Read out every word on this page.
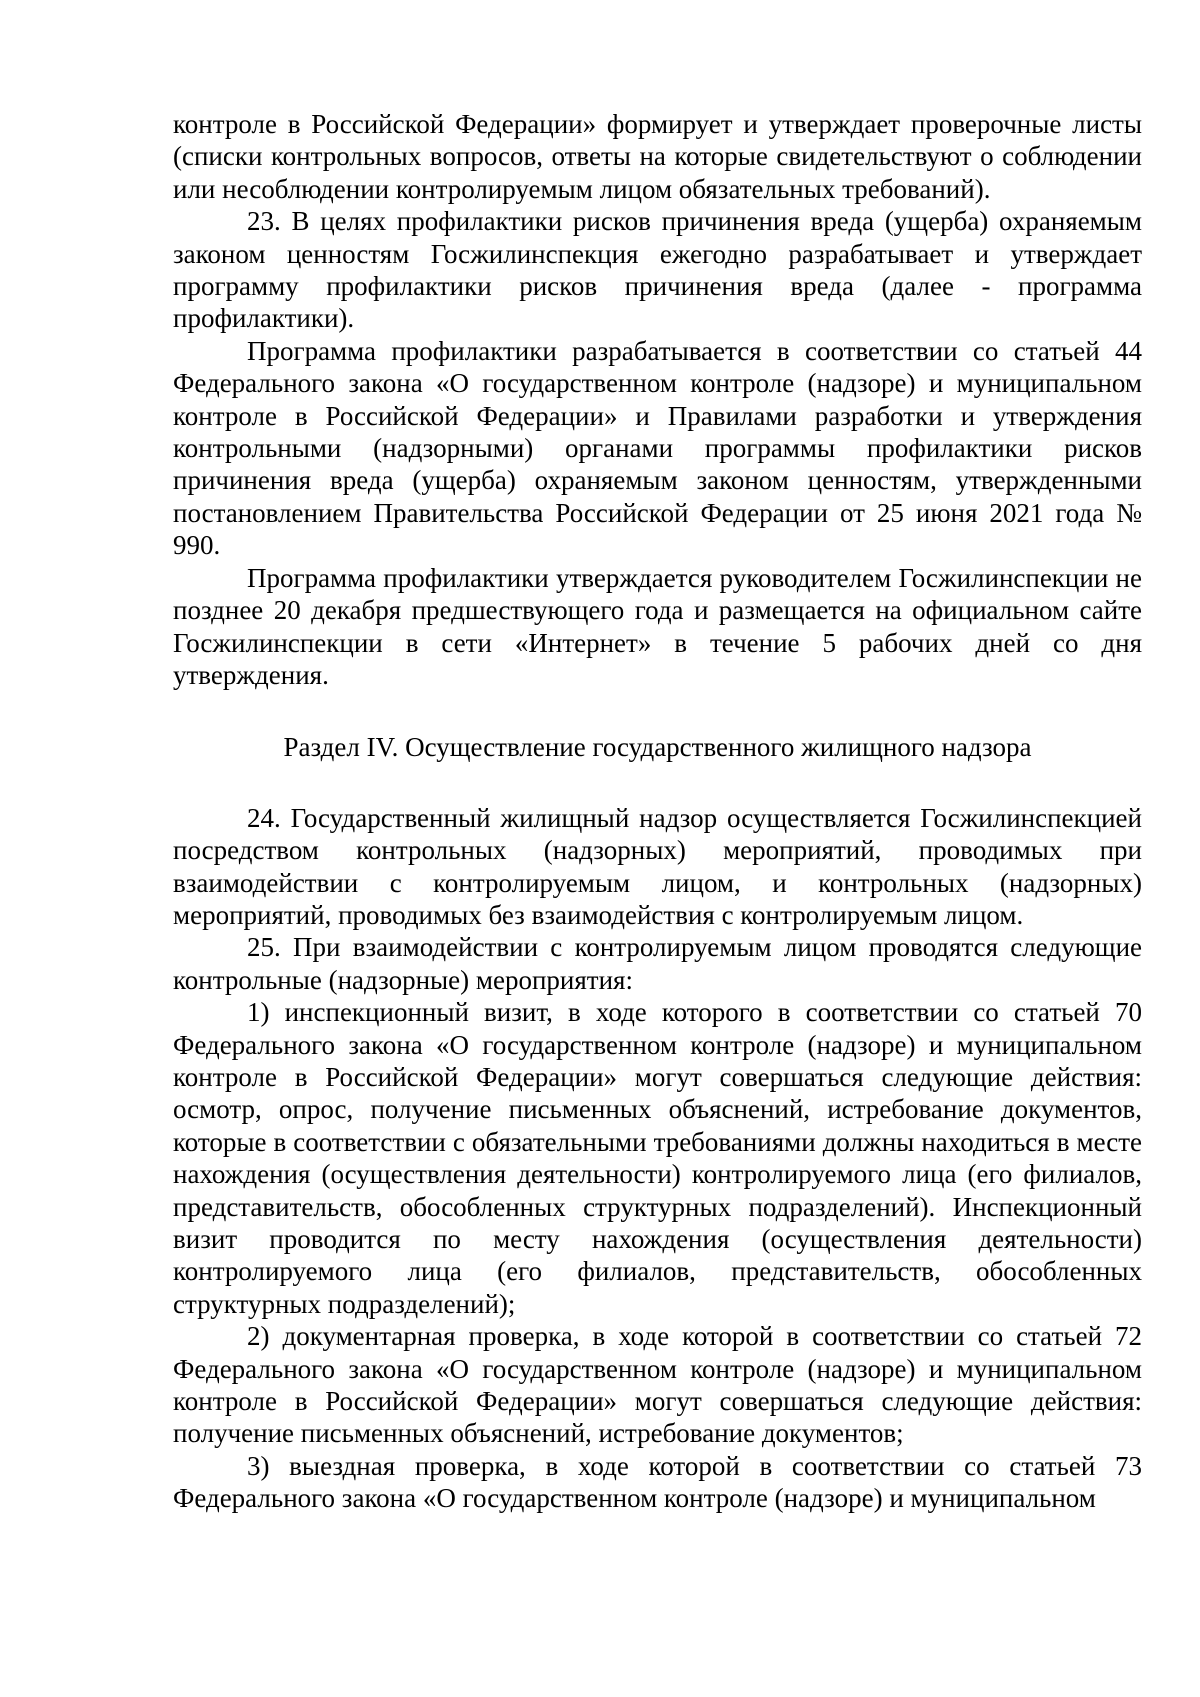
контроле в Российской Федерации» формирует и утверждает проверочные листы (списки контрольных вопросов, ответы на которые свидетельствуют о соблюдении или несоблюдении контролируемым лицом обязательных требований).

23. В целях профилактики рисков причинения вреда (ущерба) охраняемым законом ценностям Госжилинспекция ежегодно разрабатывает и утверждает программу профилактики рисков причинения вреда (далее - программа профилактики).

Программа профилактики разрабатывается в соответствии со статьей 44 Федерального закона «О государственном контроле (надзоре) и муниципальном контроле в Российской Федерации» и Правилами разработки и утверждения контрольными (надзорными) органами программы профилактики рисков причинения вреда (ущерба) охраняемым законом ценностям, утвержденными постановлением Правительства Российской Федерации от 25 июня 2021 года № 990.

Программа профилактики утверждается руководителем Госжилинспекции не позднее 20 декабря предшествующего года и размещается на официальном сайте Госжилинспекции в сети «Интернет» в течение 5 рабочих дней со дня утверждения.

Раздел IV. Осуществление государственного жилищного надзора

24. Государственный жилищный надзор осуществляется Госжилинспекцией посредством контрольных (надзорных) мероприятий, проводимых при взаимодействии с контролируемым лицом, и контрольных (надзорных) мероприятий, проводимых без взаимодействия с контролируемым лицом.

25. При взаимодействии с контролируемым лицом проводятся следующие контрольные (надзорные) мероприятия:

1) инспекционный визит, в ходе которого в соответствии со статьей 70 Федерального закона «О государственном контроле (надзоре) и муниципальном контроле в Российской Федерации» могут совершаться следующие действия: осмотр, опрос, получение письменных объяснений, истребование документов, которые в соответствии с обязательными требованиями должны находиться в месте нахождения (осуществления деятельности) контролируемого лица (его филиалов, представительств, обособленных структурных подразделений). Инспекционный визит проводится по месту нахождения (осуществления деятельности) контролируемого лица (его филиалов, представительств, обособленных структурных подразделений);

2) документарная проверка, в ходе которой в соответствии со статьей 72 Федерального закона «О государственном контроле (надзоре) и муниципальном контроле в Российской Федерации» могут совершаться следующие действия: получение письменных объяснений, истребование документов;

3) выездная проверка, в ходе которой в соответствии со статьей 73 Федерального закона «О государственном контроле (надзоре) и муниципальном
